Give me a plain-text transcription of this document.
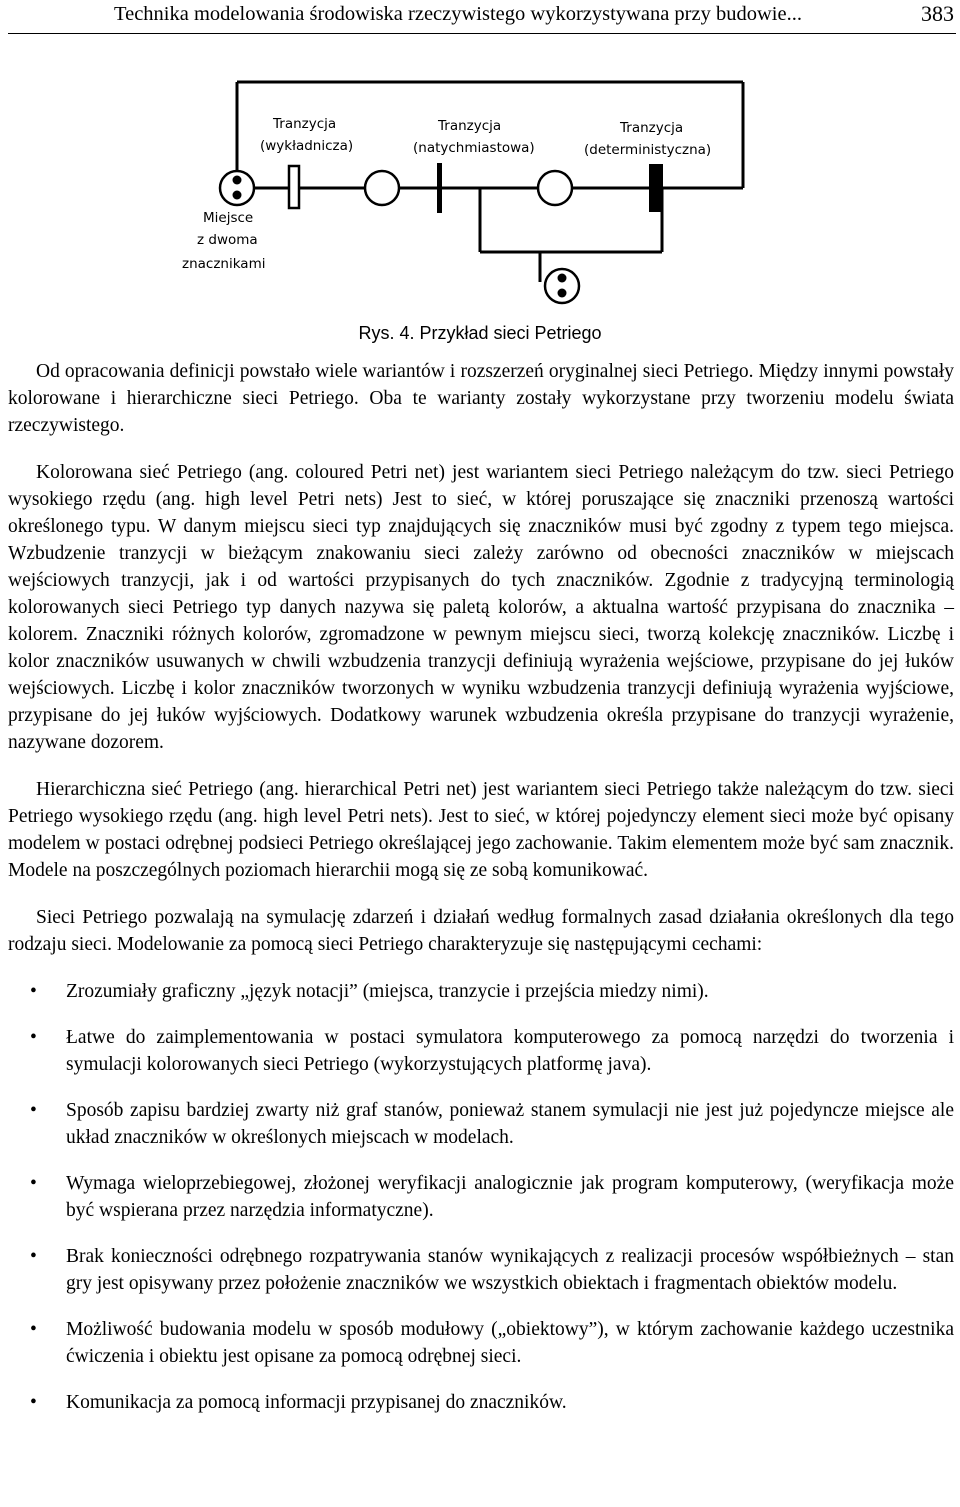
Technika modelowania środowiska rzeczywistego wykorzystywana przy budowie...	383
Tranzycja
(wykładnicza)
Tranzycja
(natychmiastowa)
Tranzycja
(deterministyczna)
Miejsce
z dwoma
znacznikami
Rys. 4. Przykład sieci Petriego

Od opracowania definicji powstało wiele wariantów i rozszerzeń oryginalnej sieci Petriego. Między innymi powstały kolorowane i hierarchiczne sieci Petriego. Oba te warianty zostały wykorzystane przy tworzeniu modelu świata rzeczywistego.

Kolorowana sieć Petriego (ang. coloured Petri net) jest wariantem sieci Petriego należącym do tzw. sieci Petriego wysokiego rzędu (ang. high level Petri nets) Jest to sieć, w której poruszające się znaczniki przenoszą wartości określonego typu. W danym miejscu sieci typ znajdujących się znaczników musi być zgodny z typem tego miejsca. Wzbudzenie tranzycji w bieżącym znakowaniu sieci zależy zarówno od obecności znaczników w miejscach wejściowych tranzycji, jak i od wartości przypisanych do tych znaczników. Zgodnie z tradycyjną terminologią kolorowanych sieci Petriego typ danych nazywa się paletą kolorów, a aktualna wartość przypisana do znacznika – kolorem. Znaczniki różnych kolorów, zgromadzone w pewnym miejscu sieci, tworzą kolekcję znaczników. Liczbę i kolor znaczników usuwanych w chwili wzbudzenia tranzycji definiują wyrażenia wejściowe, przypisane do jej łuków wejściowych. Liczbę i kolor znaczników tworzonych w wyniku wzbudzenia tranzycji definiują wyrażenia wyjściowe, przypisane do jej łuków wyjściowych. Dodatkowy warunek wzbudzenia określa przypisane do tranzycji wyrażenie, nazywane dozorem.

Hierarchiczna sieć Petriego (ang. hierarchical Petri net) jest wariantem sieci Petriego także należącym do tzw. sieci Petriego wysokiego rzędu (ang. high level Petri nets). Jest to sieć, w której pojedynczy element sieci może być opisany modelem w postaci odrębnej podsieci Petriego określającej jego zachowanie. Takim elementem może być sam znacznik. Modele na poszczególnych poziomach hierarchii mogą się ze sobą komunikować.

Sieci Petriego pozwalają na symulację zdarzeń i działań według formalnych zasad działania określonych dla tego rodzaju sieci. Modelowanie za pomocą sieci Petriego charakteryzuje się następującymi cechami:

• Zrozumiały graficzny „język notacji” (miejsca, tranzycie i przejścia miedzy nimi).
• Łatwe do zaimplementowania w postaci symulatora komputerowego za pomocą narzędzi do tworzenia i symulacji kolorowanych sieci Petriego (wykorzystujących platformę java).
• Sposób zapisu bardziej zwarty niż graf stanów, ponieważ stanem symulacji nie jest już pojedyncze miejsce ale układ znaczników w określonych miejscach w modelach.
• Wymaga wieloprzebiegowej, złożonej weryfikacji analogicznie jak program komputerowy, (weryfikacja może być wspierana przez narzędzia informatyczne).
• Brak konieczności odrębnego rozpatrywania stanów wynikających z realizacji procesów współbieżnych – stan gry jest opisywany przez położenie znaczników we wszystkich obiektach i fragmentach obiektów modelu.
• Możliwość budowania modelu w sposób modułowy („obiektowy”), w którym zachowanie każdego uczestnika ćwiczenia i obiektu jest opisane za pomocą odrębnej sieci.
• Komunikacja za pomocą informacji przypisanej do znaczników.
